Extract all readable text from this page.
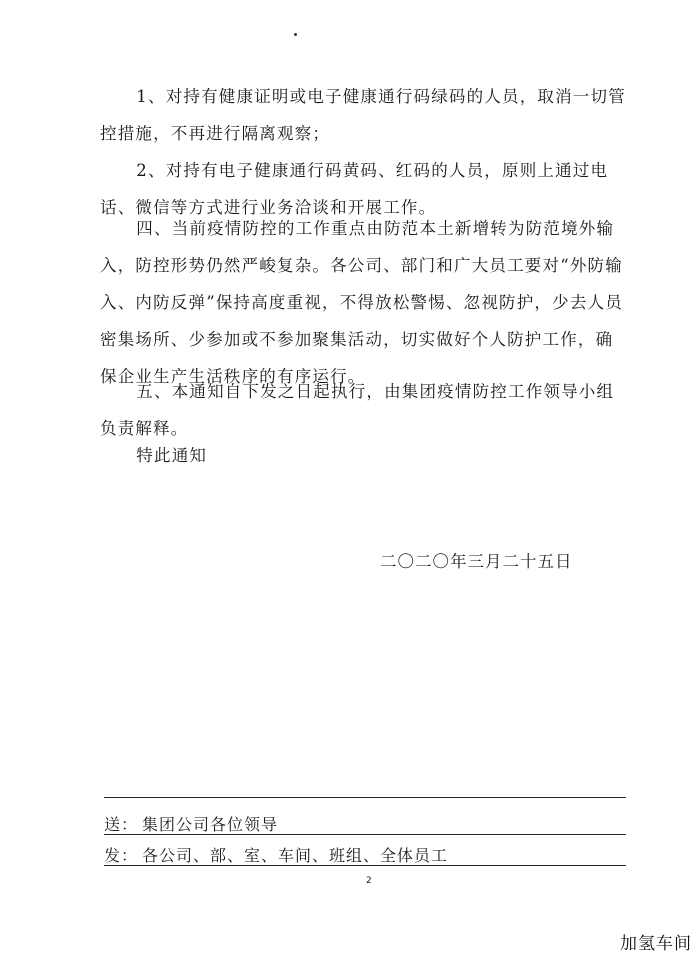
1、对持有健康证明或电子健康通行码绿码的人员，取消一切管控措施，不再进行隔离观察；

2、对持有电子健康通行码黄码、红码的人员，原则上通过电话、微信等方式进行业务洽谈和开展工作。

四、当前疫情防控的工作重点由防范本土新增转为防范境外输入，防控形势仍然严峻复杂。各公司、部门和广大员工要对“外防输入、内防反弹”保持高度重视，不得放松警惕、忽视防护，少去人员密集场所、少参加或不参加聚集活动，切实做好个人防护工作，确保企业生产生活秩序的有序运行。

五、本通知自下发之日起执行，由集团疫情防控工作领导小组负责解释。

特此通知

二〇二〇年三月二十五日
送： 集团公司各位领导
发： 各公司、部、室、车间、班组、全体员工
2
加氢车间
